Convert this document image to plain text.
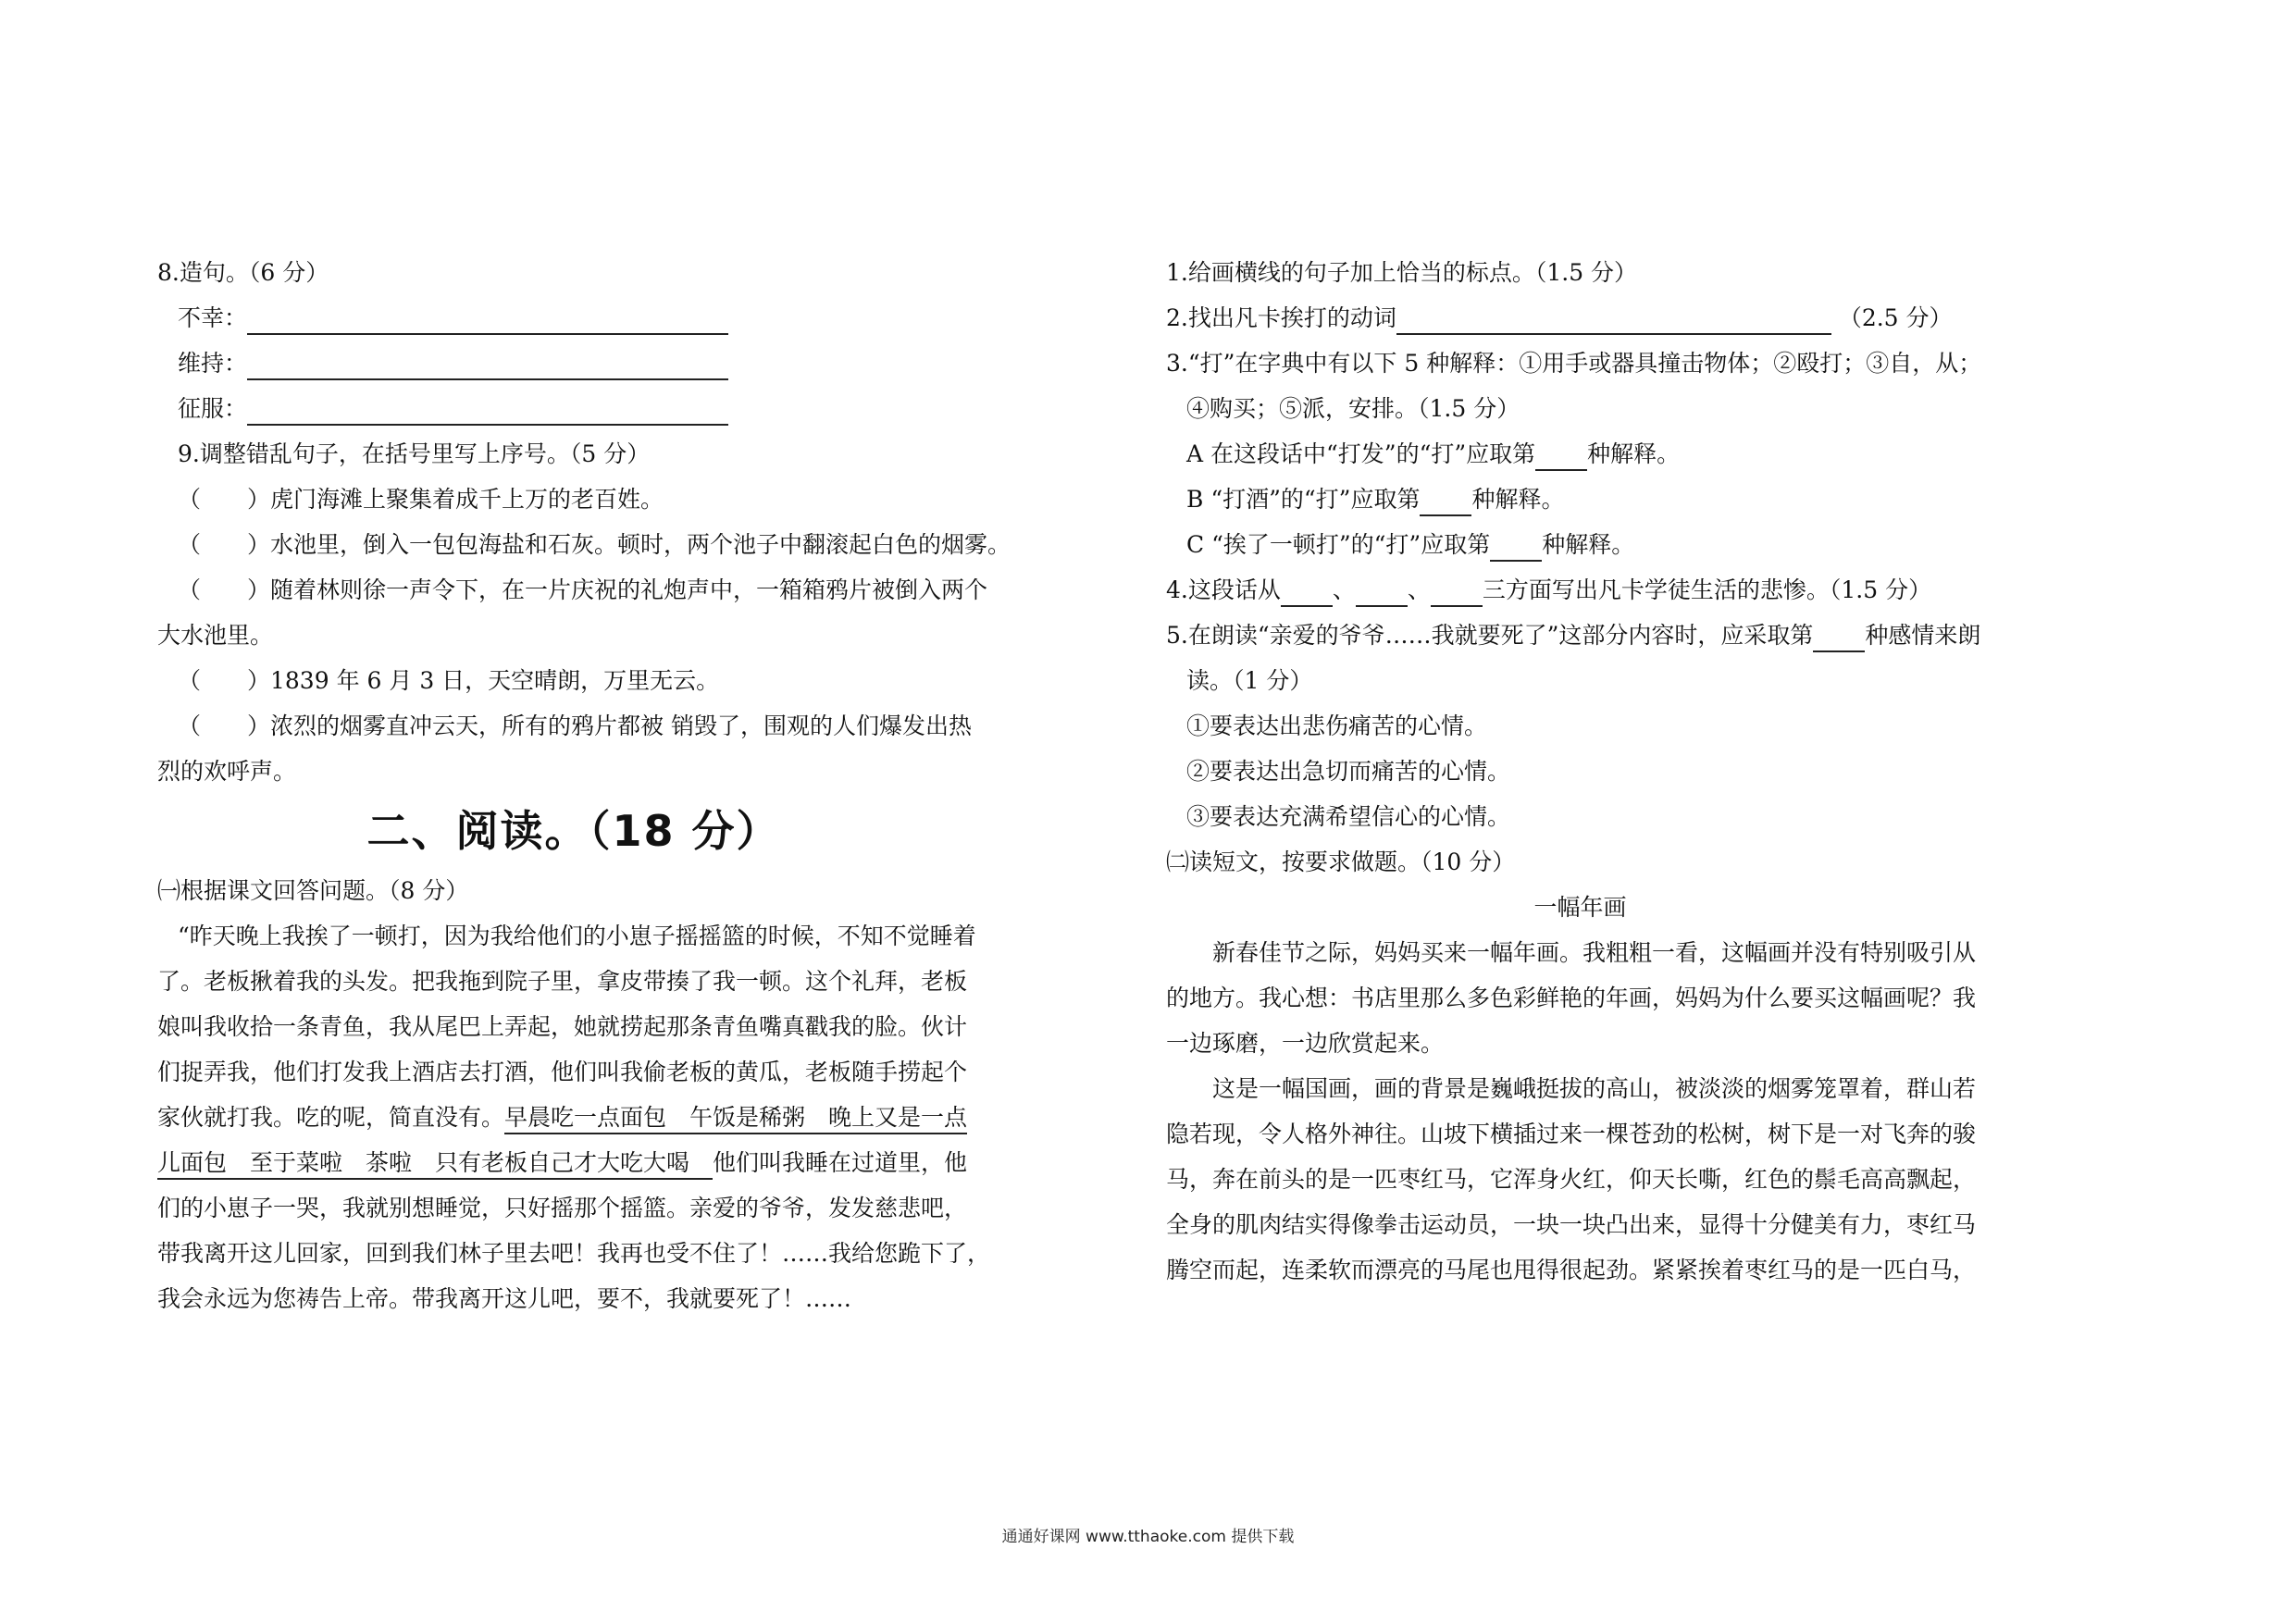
8.造句。（6 分）
不幸：
维持：
征服：
9.调整错乱句子，在括号里写上序号。（5 分）
（　　）虎门海滩上聚集着成千上万的老百姓。
（　　）水池里，倒入一包包海盐和石灰。顿时，两个池子中翻滚起白色的烟雾。
（　　）随着林则徐一声令下，在一片庆祝的礼炮声中，一箱箱鸦片被倒入两个
大水池里。
（　　）1839 年 6 月 3 日，天空晴朗，万里无云。
（　　）浓烈的烟雾直冲云天，所有的鸦片都被 销毁了，围观的人们爆发出热
烈的欢呼声。
二、阅读。（18 分）
㈠根据课文回答问题。（8 分）
“昨天晚上我挨了一顿打，因为我给他们的小崽子摇摇篮的时候，不知不觉睡着
了。老板揪着我的头发。把我拖到院子里，拿皮带揍了我一顿。这个礼拜，老板
娘叫我收拾一条青鱼，我从尾巴上弄起，她就捞起那条青鱼嘴真戳我的脸。伙计
们捉弄我，他们打发我上酒店去打酒，他们叫我偷老板的黄瓜，老板随手捞起个
家伙就打我。吃的呢，简直没有。早晨吃一点面包　午饭是稀粥　晚上又是一点
儿面包　至于菜啦　茶啦　只有老板自己才大吃大喝　他们叫我睡在过道里，他
们的小崽子一哭，我就别想睡觉，只好摇那个摇篮。亲爱的爷爷，发发慈悲吧，
带我离开这儿回家，回到我们林子里去吧！我再也受不住了！……我给您跪下了，
我会永远为您祷告上帝。带我离开这儿吧，要不，我就要死了！……
1.给画横线的句子加上恰当的标点。（1.5 分）
2.找出凡卡挨打的动词	（2.5 分）
3.“打”在字典中有以下 5 种解释：①用手或器具撞击物体；②殴打；③自，从；
④购买；⑤派，安排。（1.5 分）
A 在这段话中“打发”的“打”应取第 种解释。
B “打酒”的“打”应取第 种解释。
C “挨了一顿打”的“打”应取第 种解释。
4.这段话从 、 、 三方面写出凡卡学徒生活的悲惨。（1.5 分）
5.在朗读“亲爱的爷爷……我就要死了”这部分内容时，应采取第 种感情来朗
读。（1 分）
①要表达出悲伤痛苦的心情。
②要表达出急切而痛苦的心情。
③要表达充满希望信心的心情。
㈡读短文，按要求做题。（10 分）
一幅年画
新春佳节之际，妈妈买来一幅年画。我粗粗一看，这幅画并没有特别吸引从
的地方。我心想：书店里那么多色彩鲜艳的年画，妈妈为什么要买这幅画呢？我
一边琢磨，一边欣赏起来。
这是一幅国画，画的背景是巍峨挺拔的高山，被淡淡的烟雾笼罩着，群山若
隐若现，令人格外神往。山坡下横插过来一棵苍劲的松树，树下是一对飞奔的骏
马，奔在前头的是一匹枣红马，它浑身火红，仰天长嘶，红色的鬃毛高高飘起，
全身的肌肉结实得像拳击运动员，一块一块凸出来，显得十分健美有力，枣红马
腾空而起，连柔软而漂亮的马尾也甩得很起劲。紧紧挨着枣红马的是一匹白马，
通通好课网 www.tthaoke.com 提供下载
